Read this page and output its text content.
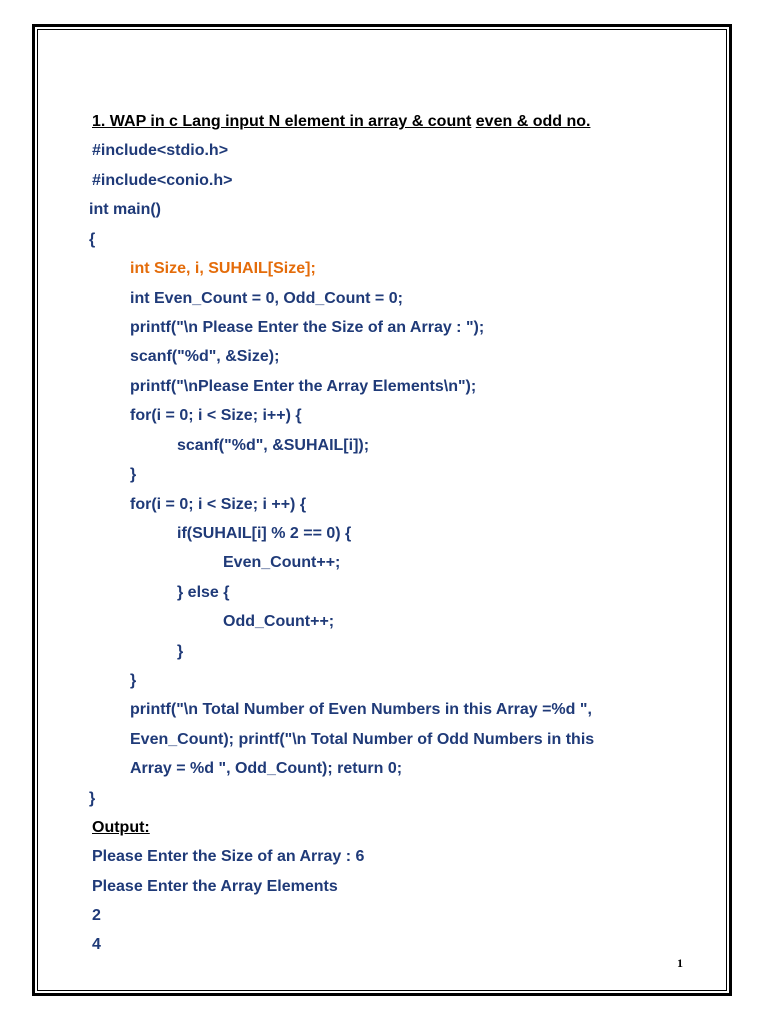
1. WAP in c Lang input N element in array & count even & odd no.
#include<stdio.h>
#include<conio.h>
int main()
{
int Size, i, SUHAIL[Size];
int Even_Count = 0, Odd_Count = 0;
printf("\n Please Enter the Size of an Array : ");
scanf("%d", &Size);
printf("\nPlease Enter the Array Elements\n");
for(i = 0; i < Size; i++) {
scanf("%d", &SUHAIL[i]);
}
for(i = 0; i < Size; i ++) {
if(SUHAIL[i] % 2 == 0) {
Even_Count++;
} else {
Odd_Count++;
}
}
printf("\n Total Number of Even Numbers in this Array =%d ",
Even_Count); printf("\n Total Number of Odd Numbers in this
Array = %d ", Odd_Count); return 0;
}
Output:
Please Enter the Size of an Array : 6
Please Enter the Array Elements
2
4
1
